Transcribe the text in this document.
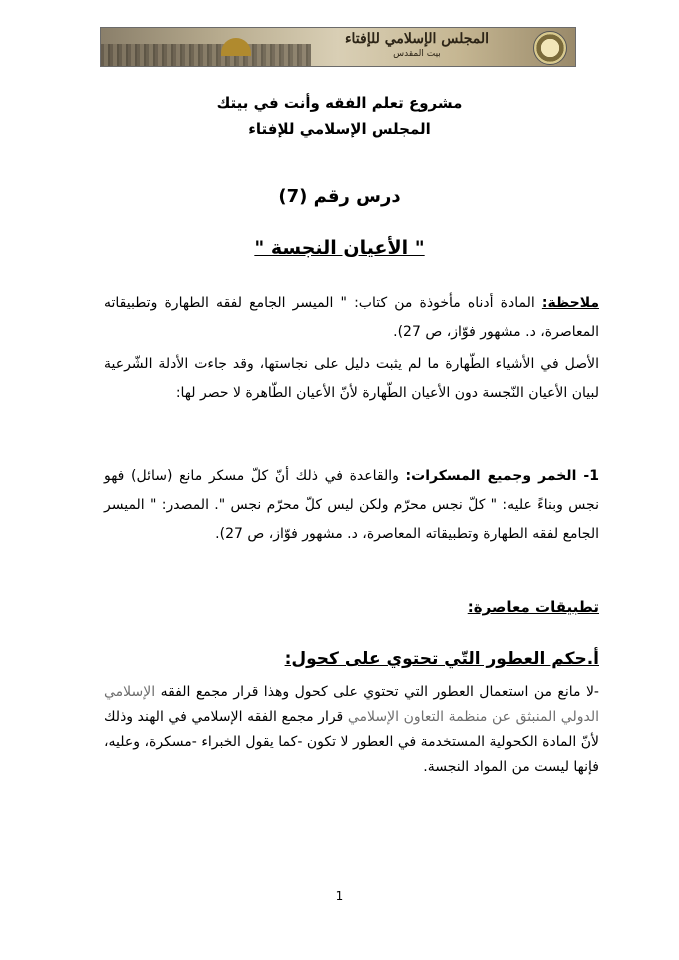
المجلس الإسلامي للإفتاء
بيت المقدس
مشروع تعلم الفقه وأنت في بيتك
المجلس الإسلامي للإفتاء
درس رقم (7)
" الأعيان النجسة "
ملاحظة: المادة أدناه مأخوذة من كتاب: " الميسر الجامع لفقه الطهارة وتطبيقاته المعاصرة، د. مشهور فوّاز، ص 27).
الأصل في الأشياء الطّهارة ما لم يثبت دليل على نجاستها، وقد جاءت الأدلة الشّرعية لبيان الأعيان النّجسة دون الأعيان الطّهارة لأنّ الأعيان الطّاهرة لا حصر لها:
1- الخمر وجميع المسكرات: والقاعدة في ذلك أنّ كلّ مسكر مانع (سائل) فهو نجس وبناءً عليه: " كلّ نجس محرّم ولكن ليس كلّ محرّم نجس ". المصدر: " الميسر الجامع لفقه الطهارة وتطبيقاته المعاصرة، د. مشهور فوّاز، ص 27).
تطبيقات معاصرة:
أ.حكم العطور التّي تحتوي على كحول:
-لا مانع من استعمال العطور التي تحتوي على كحول وهذا قرار مجمع الفقه الإسلامي الدولي المنبثق عن منظمة التعاون الإسلامي قرار مجمع الفقه الإسلامي في الهند وذلك لأنّ المادة الكحولية المستخدمة في العطور لا تكون -كما يقول الخبراء -مسكرة، وعليه، فإنها ليست من المواد النجسة.
1
